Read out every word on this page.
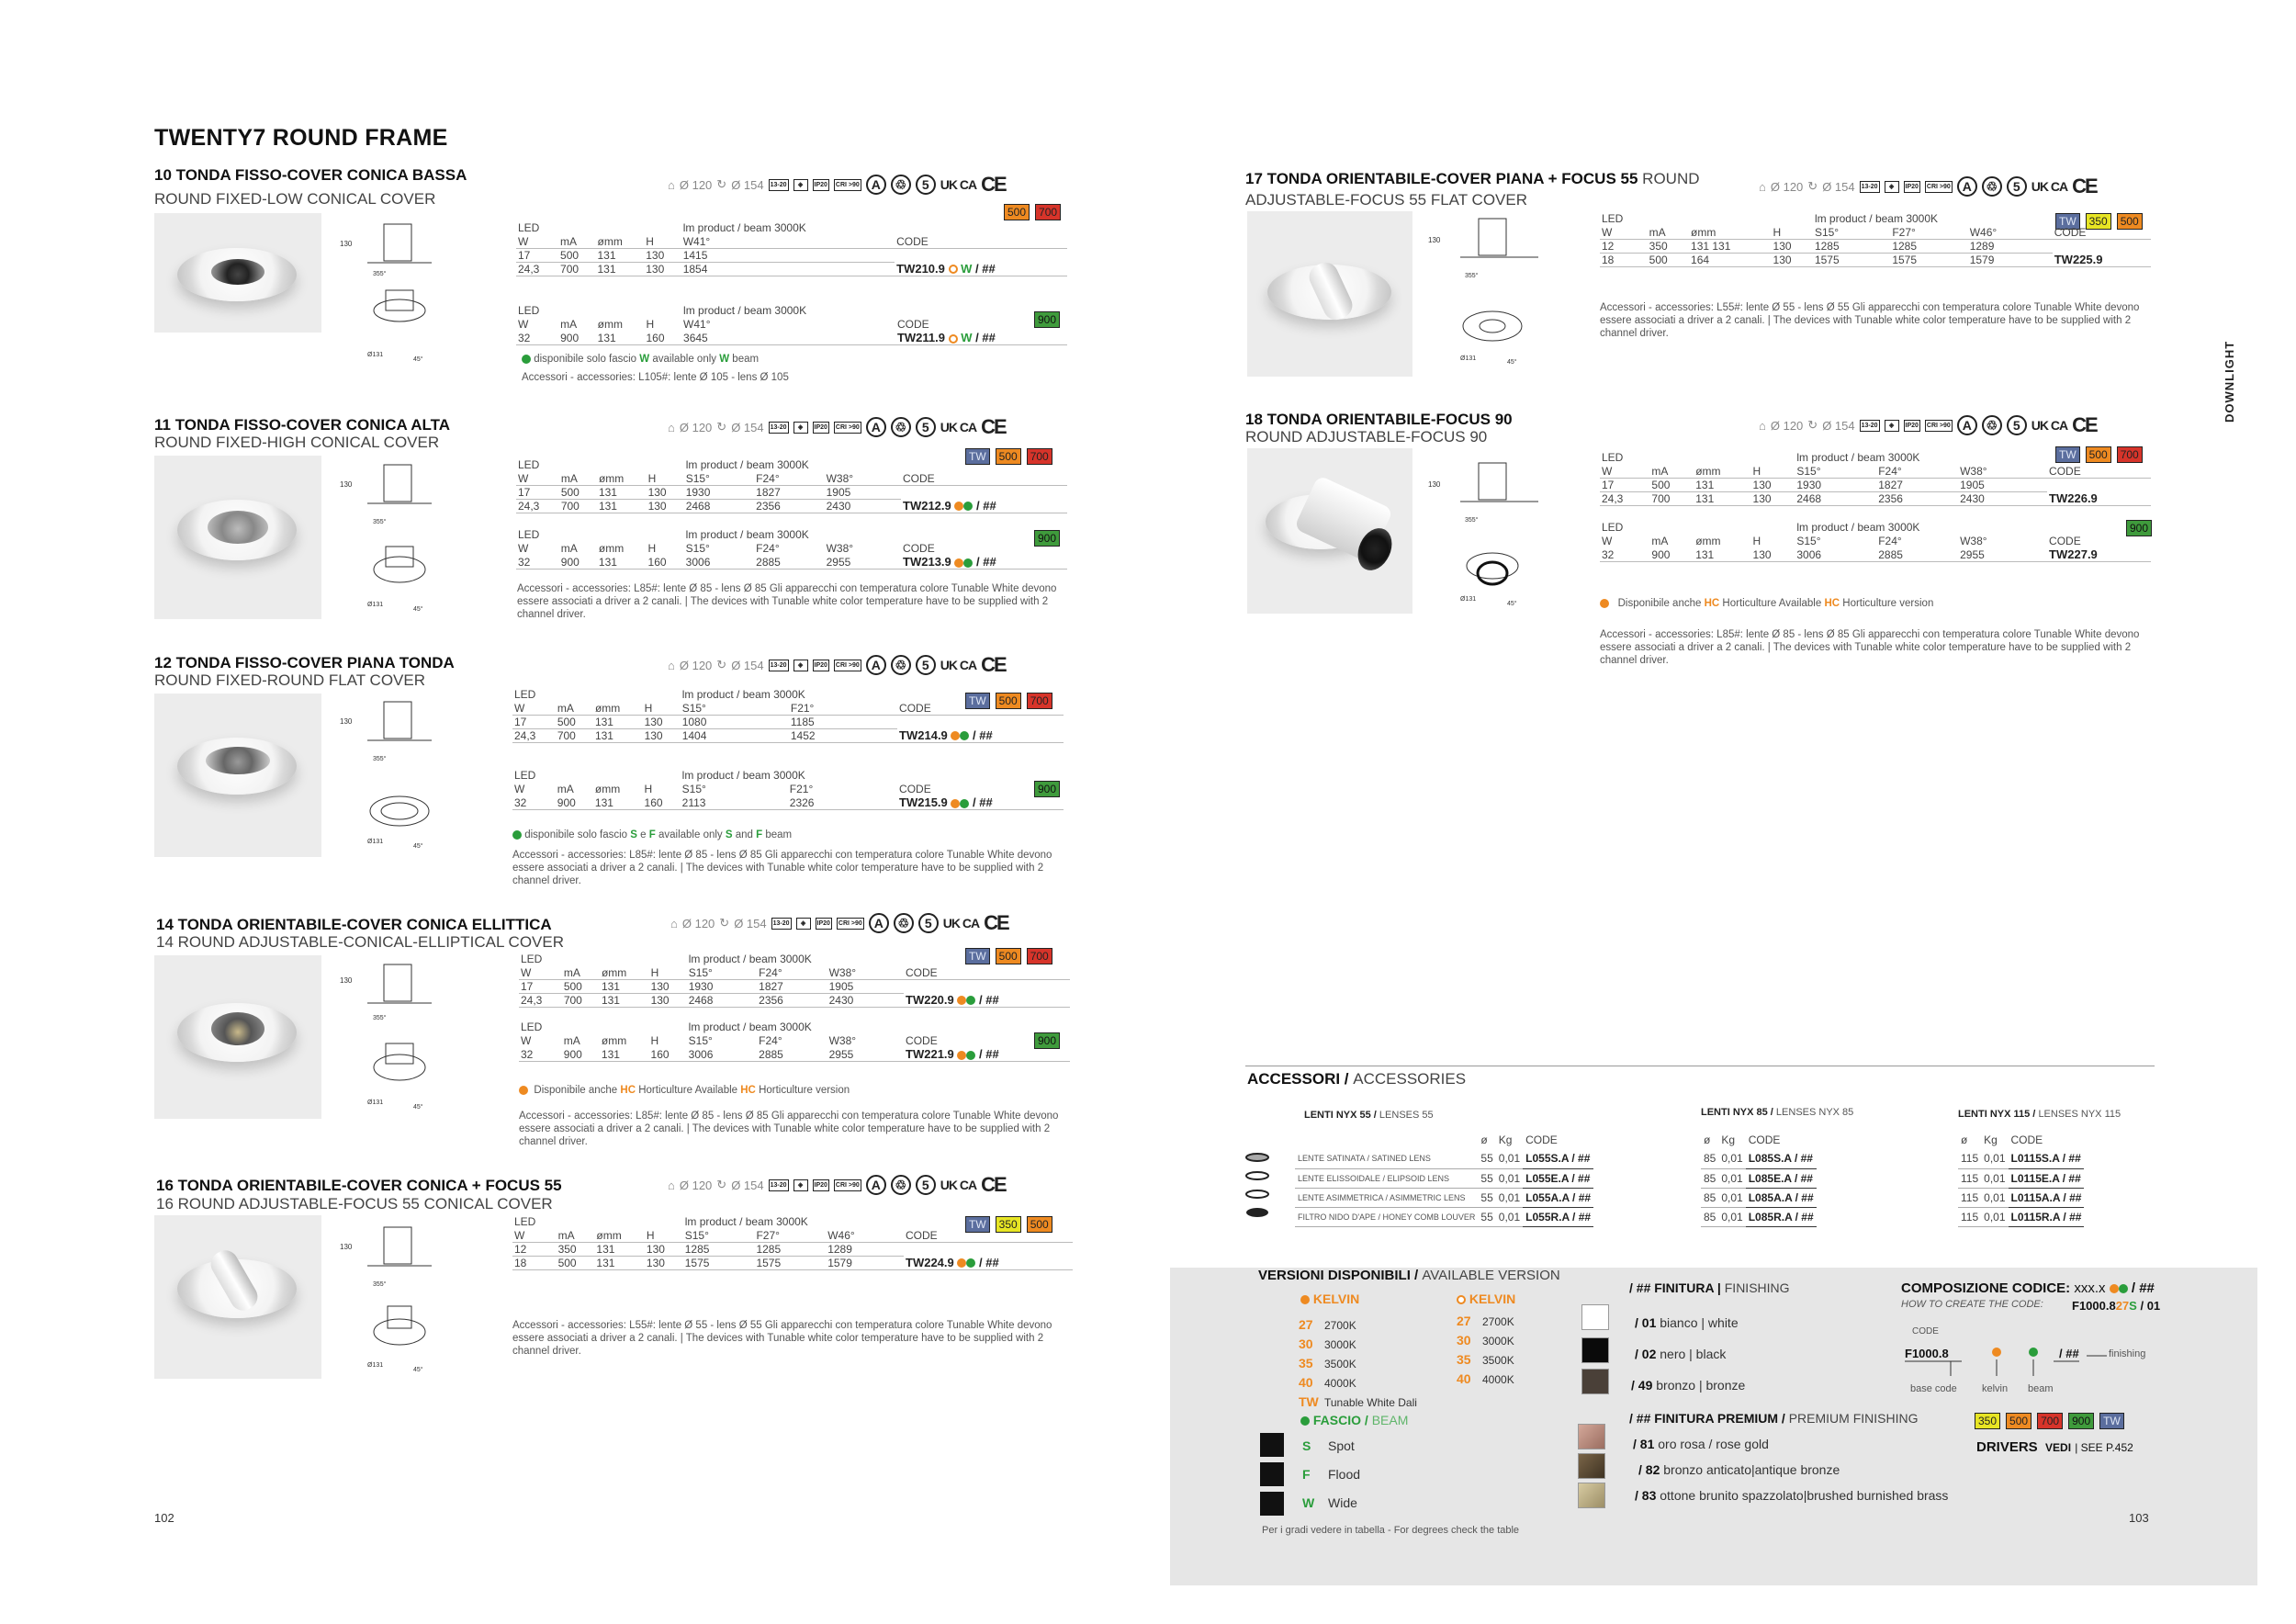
TWENTY7 ROUND FRAME
10 TONDA FISSO-COVER CONICA BASSA
ROUND FIXED-LOW CONICAL COVER
130
355°
Ø131
45°
⌂ Ø 120 ↻ Ø 154 13-20	◈	IP20 CRI >90 A	♲	5 UK CA CE
500	700
LED				lm product / beam 3000K	
W	mA	ømm	H	W41°	CODE
17	500	131	130	1415	TW210.9 W / ##
24,3	700	131	130	1854	
900
LED				lm product / beam 3000K	
W	mA	ømm	H	W41°	CODE
32	900	131	160	3645	TW211.9 W / ##
disponibile solo fascio W available only W beam
Accessori - accessories: L105#: lente Ø 105 - lens Ø 105
11 TONDA FISSO-COVER CONICA ALTA
ROUND FIXED-HIGH CONICAL COVER
130
355°
Ø131
45°
⌂ Ø 120 ↻ Ø 154 13-20	◈	IP20 CRI >90 A	♲	5 UK CA CE
TW	500	700
LED				lm product / beam 3000K			
W	mA	ømm	H	S15°	F24°	W38°	CODE
17	500	131	130	1930	1827	1905	TW212.9 / ##
24,3	700	131	130	2468	2356	2430	
900
LED				lm product / beam 3000K			
W	mA	ømm	H	S15°	F24°	W38°	CODE
32	900	131	160	3006	2885	2955	TW213.9 / ##
Accessori - accessories: L85#: lente Ø 85 - lens Ø 85 Gli apparecchi con temperatura colore Tunable White devono essere associati a driver a 2 canali. | The devices with Tunable white color temperature have to be supplied with 2 channel driver.
12 TONDA FISSO-COVER PIANA TONDA
ROUND FIXED-ROUND FLAT COVER
130
355°
Ø131
45°
⌂ Ø 120 ↻ Ø 154 13-20	◈	IP20 CRI >90 A	♲	5 UK CA CE
TW	500	700
LED				lm product / beam 3000K		
W	mA	ømm	H	S15°	F21°	CODE
17	500	131	130	1080	1185	TW214.9 / ##
24,3	700	131	130	1404	1452	
900
LED				lm product / beam 3000K		
W	mA	ømm	H	S15°	F21°	CODE
32	900	131	160	2113	2326	TW215.9 / ##
disponibile solo fascio S e F available only S and F beam
Accessori - accessories: L85#: lente Ø 85 - lens Ø 85 Gli apparecchi con temperatura colore Tunable White devono essere associati a driver a 2 canali. | The devices with Tunable white color temperature have to be supplied with 2 channel driver.
14 TONDA ORIENTABILE-COVER CONICA ELLITTICA
14 ROUND ADJUSTABLE-CONICAL-ELLIPTICAL COVER
130
355°
Ø131
45°
⌂ Ø 120 ↻ Ø 154 13-20	◈	IP20 CRI >90 A	♲	5 UK CA CE
TW	500	700
LED				lm product / beam 3000K			
W	mA	ømm	H	S15°	F24°	W38°	CODE
17	500	131	130	1930	1827	1905	TW220.9 / ##
24,3	700	131	130	2468	2356	2430	
900
LED				lm product / beam 3000K			
W	mA	ømm	H	S15°	F24°	W38°	CODE
32	900	131	160	3006	2885	2955	TW221.9 / ##
Disponibile anche HC Horticulture Available HC Horticulture version
Accessori - accessories: L85#: lente Ø 85 - lens Ø 85 Gli apparecchi con temperatura colore Tunable White devono essere associati a driver a 2 canali. | The devices with Tunable white color temperature have to be supplied with 2 channel driver.
16 TONDA ORIENTABILE-COVER CONICA + FOCUS 55
16 ROUND ADJUSTABLE-FOCUS 55 CONICAL COVER
130
355°
Ø131
45°
⌂ Ø 120 ↻ Ø 154 13-20	◈	IP20 CRI >90 A	♲	5 UK CA CE
TW	350	500
LED				lm product / beam 3000K			
W	mA	ømm	H	S15°	F27°	W46°	CODE
12	350	131	130	1285	1285	1289	TW224.9 / ##
18	500	131	130	1575	1575	1579	
Accessori - accessories: L55#: lente Ø 55 - lens Ø 55 Gli apparecchi con temperatura colore Tunable White devono essere associati a driver a 2 canali. | The devices with Tunable white color temperature have to be supplied with 2 channel driver.
102
17 TONDA ORIENTABILE-COVER PIANA + FOCUS 55 ROUND
ADJUSTABLE-FOCUS 55 FLAT COVER
130
355°
Ø131
45°
⌂ Ø 120 ↻ Ø 154 13-20	◈	IP20 CRI >90 A	♲	5 UK CA CE
TW	350	500
LED				lm product / beam 3000K			
W	mA	ømm	H	S15°	F27°	W46°	CODE
12	350	131 131	130	1285	1285	1289	TW225.9
18	500	164	130	1575	1575	1579	
Accessori - accessories: L55#: lente Ø 55 - lens Ø 55 Gli apparecchi con temperatura colore Tunable White devono essere associati a driver a 2 canali. | The devices with Tunable white color temperature have to be supplied with 2 channel driver.
18 TONDA ORIENTABILE-FOCUS 90
ROUND ADJUSTABLE-FOCUS 90
130
355°
Ø131
45°
⌂ Ø 120 ↻ Ø 154 13-20	◈	IP20 CRI >90 A	♲	5 UK CA CE
TW	500	700
LED				lm product / beam 3000K			
W	mA	ømm	H	S15°	F24°	W38°	CODE
17	500	131	130	1930	1827	1905	TW226.9
24,3	700	131	130	2468	2356	2430	
900
LED				lm product / beam 3000K			
W	mA	ømm	H	S15°	F24°	W38°	CODE
32	900	131	130	3006	2885	2955	TW227.9
Disponibile anche HC Horticulture Available HC Horticulture version
Accessori - accessories: L85#: lente Ø 85 - lens Ø 85 Gli apparecchi con temperatura colore Tunable White devono essere associati a driver a 2 canali. | The devices with Tunable white color temperature have to be supplied with 2 channel driver.
DOWNLIGHT
ACCESSORI / ACCESSORIES
LENTI NYX 55 / LENSES 55	LENTI NYX 85 / LENSES NYX 85	LENTI NYX 115 / LENSES NYX 115
	ø	Kg	CODE
LENTE SATINATA / SATINED LENS	55	0,01	L055S.A / ##
LENTE ELISSOIDALE / ELIPSOID LENS	55	0,01	L055E.A / ##
LENTE ASIMMETRICA / ASIMMETRIC LENS	55	0,01	L055A.A / ##
FILTRO NIDO D'APE / HONEY COMB LOUVER	55	0,01	L055R.A / ##
ø	Kg	CODE
85	0,01	L085S.A / ##
85	0,01	L085E.A / ##
85	0,01	L085A.A / ##
85	0,01	L085R.A / ##
ø	Kg	CODE
115	0,01	L0115S.A / ##
115	0,01	L0115E.A / ##
115	0,01	L0115A.A / ##
115	0,01	L0115R.A / ##
VERSIONI DISPONIBILI / AVAILABLE VERSION
KELVIN	KELVIN
27 2700K
30 3000K
35 3500K
40 4000K
TW Tunable White Dali
27 2700K
30 3000K
35 3500K
40 4000K
FASCIO / BEAM
S Spot
F Flood
W Wide
Per i gradi vedere in tabella - For degrees check the table
/ ## FINITURA | FINISHING
/ 01 bianco | white
/ 02 nero | black
/ 49 bronzo | bronze
/ ## FINITURA PREMIUM / PREMIUM FINISHING
/ 81 oro rosa / rose gold
/ 82 bronzo anticato|antique bronze
/ 83 ottone brunito spazzolato|brushed burnished brass
COMPOSIZIONE CODICE: xxx.x / ##
HOW TO CREATE THE CODE: F1000.827S / 01
CODE
F1000.8	/ ##	finishing
base code kelvin beam
350	500	700	900	TW
DRIVERS VEDI | SEE P.452
103
